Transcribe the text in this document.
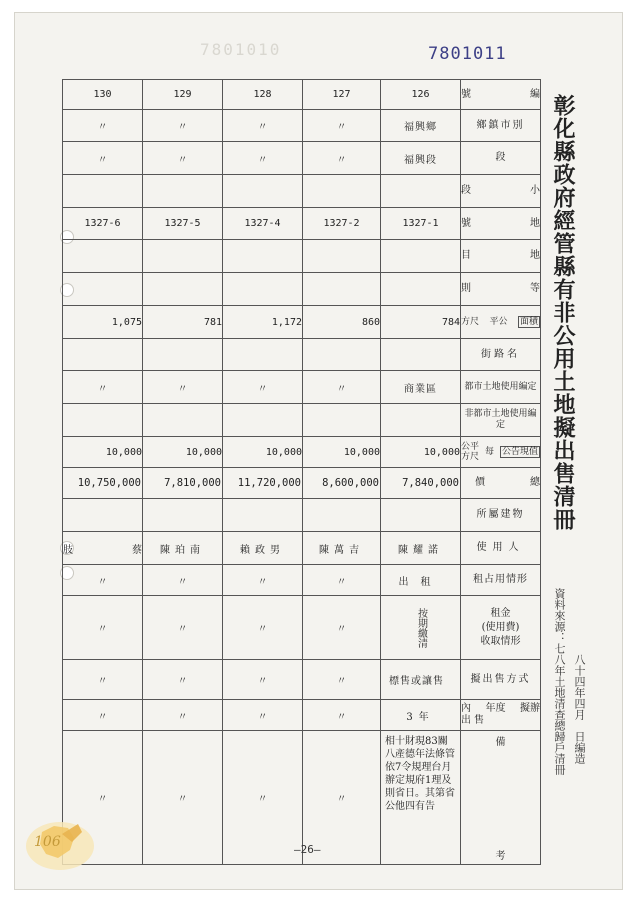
7801010	7801011
130	129	128	127	126	號 編

〃	〃	〃	〃	福興鄉	鄉鎮市別
〃	〃	〃	〃	福興段	段

					小
段

1327-6	1327-5	1327-4	1327-2	1327-1	地
號

					地
目

					等
則

1,075	781	1,172	860	784	方尺 平公 面積

					街路名
〃	〃	〃	〃	商業區	都市土地使用編定
					非都市土地使用編定
10,000	10,000	10,000	10,000	10,000	公平
方尺 每 公告現值

10,750,000	7,810,000	11,720,000	8,600,000	7,840,000	價 總

					所屬建物

肢 蔡	陳珀南	賴政男	陳萬吉	陳耀諾	使用人
〃	〃	〃	〃	出租	租占用情形
〃	〃	〃	〃	按期繳清	租金
(使用費)
收取情形
〃	〃	〃	〃	標售或讓售	擬出售方式
〃	〃	〃	〃	3年	內 年度 擬辦
出售

〃	〃	〃	〃	相十財現83關八產德年法條管依7令規理台月辦定規府1理及則省日。其第省公他四有告	備
考
彰化縣政府經管縣有非公用土地擬出售清冊
資料來源：七八年土地清查總歸戶清冊 八十四年四月　日編造
—26—
106
